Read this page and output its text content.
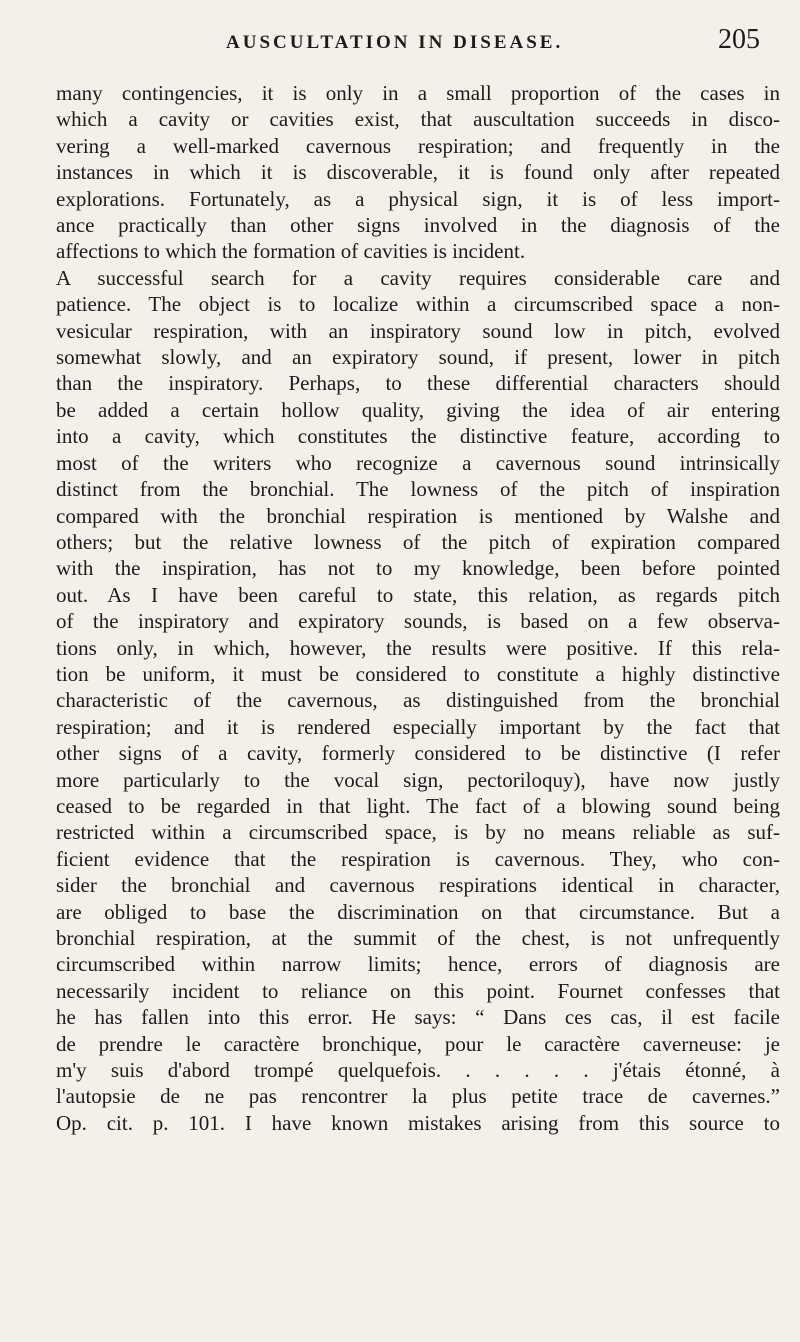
AUSCULTATION IN DISEASE.	205
many contingencies, it is only in a small proportion of the cases in
which a cavity or cavities exist, that auscultation succeeds in disco-
vering a well-marked cavernous respiration; and frequently in the
instances in which it is discoverable, it is found only after repeated
explorations. Fortunately, as a physical sign, it is of less import-
ance practically than other signs involved in the diagnosis of the
affections to which the formation of cavities is incident.
A successful search for a cavity requires considerable care and
patience. The object is to localize within a circumscribed space a non-
vesicular respiration, with an inspiratory sound low in pitch, evolved
somewhat slowly, and an expiratory sound, if present, lower in pitch
than the inspiratory. Perhaps, to these differential characters should
be added a certain hollow quality, giving the idea of air entering
into a cavity, which constitutes the distinctive feature, according to
most of the writers who recognize a cavernous sound intrinsically
distinct from the bronchial. The lowness of the pitch of inspiration
compared with the bronchial respiration is mentioned by Walshe and
others; but the relative lowness of the pitch of expiration compared
with the inspiration, has not to my knowledge, been before pointed
out. As I have been careful to state, this relation, as regards pitch
of the inspiratory and expiratory sounds, is based on a few observa-
tions only, in which, however, the results were positive. If this rela-
tion be uniform, it must be considered to constitute a highly distinctive
characteristic of the cavernous, as distinguished from the bronchial
respiration; and it is rendered especially important by the fact that
other signs of a cavity, formerly considered to be distinctive (I refer
more particularly to the vocal sign, pectoriloquy), have now justly
ceased to be regarded in that light. The fact of a blowing sound being
restricted within a circumscribed space, is by no means reliable as suf-
ficient evidence that the respiration is cavernous. They, who con-
sider the bronchial and cavernous respirations identical in character,
are obliged to base the discrimination on that circumstance. But a
bronchial respiration, at the summit of the chest, is not unfrequently
circumscribed within narrow limits; hence, errors of diagnosis are
necessarily incident to reliance on this point. Fournet confesses that
he has fallen into this error. He says: “ Dans ces cas, il est facile
de prendre le caractère bronchique, pour le caractère caverneuse: je
m'y suis d'abord trompé quelquefois. . . . . . j'étais étonné, à
l'autopsie de ne pas rencontrer la plus petite trace de cavernes.”
Op. cit. p. 101. I have known mistakes arising from this source to
